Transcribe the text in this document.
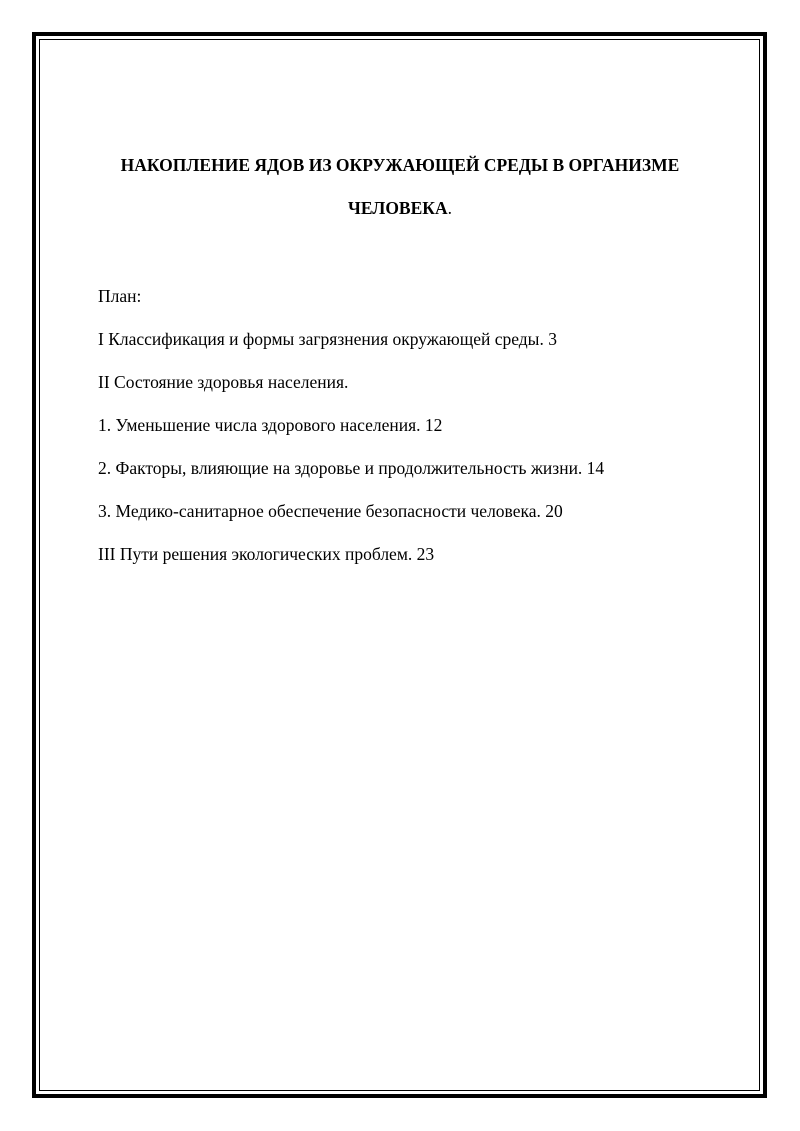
НАКОПЛЕНИЕ ЯДОВ ИЗ ОКРУЖАЮЩЕЙ СРЕДЫ В ОРГАНИЗМЕ
ЧЕЛОВЕКА.

План:

I Классификация и формы загрязнения окружающей среды. 3

II Состояние здоровья населения.

1. Уменьшение числа здорового населения. 12

2. Факторы, влияющие на здоровье и продолжительность жизни. 14

3. Медико-санитарное обеспечение безопасности человека. 20

III Пути решения экологических проблем. 23
